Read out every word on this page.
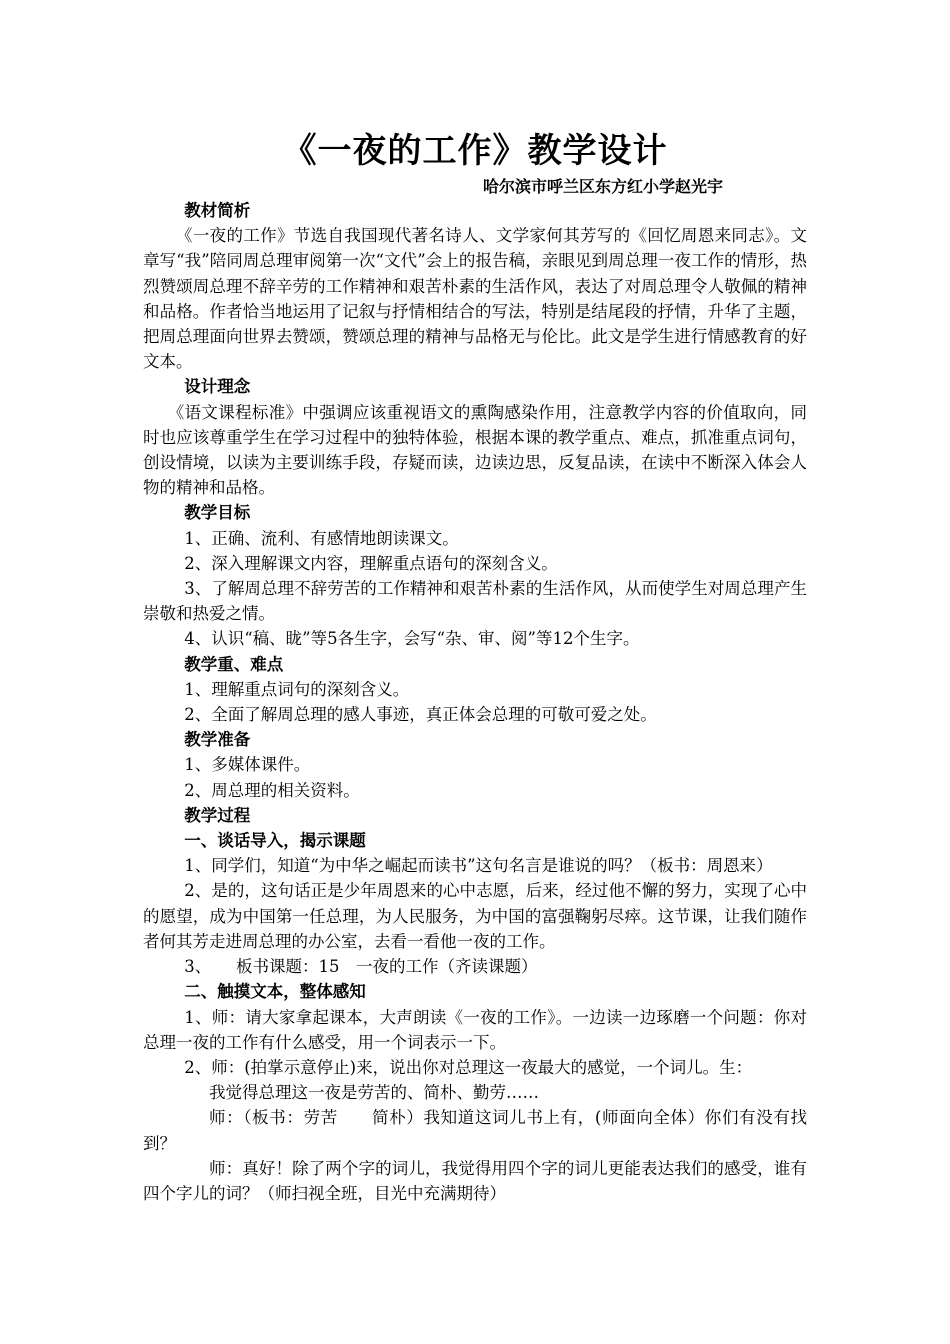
《一夜的工作》教学设计
哈尔滨市呼兰区东方红小学赵光宇

教材简析

《一夜的工作》节选自我国现代著名诗人、文学家何其芳写的《回忆周恩来同志》。文章写“我”陪同周总理审阅第一次“文代”会上的报告稿，亲眼见到周总理一夜工作的情形，热烈赞颂周总理不辞辛劳的工作精神和艰苦朴素的生活作风，表达了对周总理令人敬佩的精神和品格。作者恰当地运用了记叙与抒情相结合的写法，特别是结尾段的抒情，升华了主题，把周总理面向世界去赞颂，赞颂总理的精神与品格无与伦比。此文是学生进行情感教育的好文本。

设计理念

《语文课程标准》中强调应该重视语文的熏陶感染作用，注意教学内容的价值取向，同时也应该尊重学生在学习过程中的独特体验，根据本课的教学重点、难点，抓准重点词句，创设情境，以读为主要训练手段，存疑而读，边读边思，反复品读，在读中不断深入体会人物的精神和品格。

教学目标

1、正确、流利、有感情地朗读课文。

2、深入理解课文内容，理解重点语句的深刻含义。

3、了解周总理不辞劳苦的工作精神和艰苦朴素的生活作风，从而使学生对周总理产生崇敬和热爱之情。

4、认识“稿、眬”等5各生字，会写“杂、审、阅”等12个生字。

教学重、难点

1、理解重点词句的深刻含义。

2、全面了解周总理的感人事迹，真正体会总理的可敬可爱之处。

教学准备

1、多媒体课件。

2、周总理的相关资料。

教学过程

一、谈话导入，揭示课题

1、同学们，知道“为中华之崛起而读书”这句名言是谁说的吗？（板书：周恩来）

2、是的，这句话正是少年周恩来的心中志愿，后来，经过他不懈的努力，实现了心中的愿望，成为中国第一任总理，为人民服务，为中国的富强鞠躬尽瘁。这节课，让我们随作者何其芳走进周总理的办公室，去看一看他一夜的工作。

3、　　板书课题：15　一夜的工作（齐读课题）

二、触摸文本，整体感知

1、师：请大家拿起课本，大声朗读《一夜的工作》。一边读一边琢磨一个问题：你对总理一夜的工作有什么感受，用一个词表示一下。

2、师：(拍掌示意停止)来，说出你对总理这一夜最大的感觉，一个词儿。生：

我觉得总理这一夜是劳苦的、简朴、勤劳……

师：（板书：劳苦　　简朴）我知道这词儿书上有，(师面向全体）你们有没有找到？

师：真好！除了两个字的词儿，我觉得用四个字的词儿更能表达我们的感受，谁有四个字儿的词？（师扫视全班，目光中充满期待）
